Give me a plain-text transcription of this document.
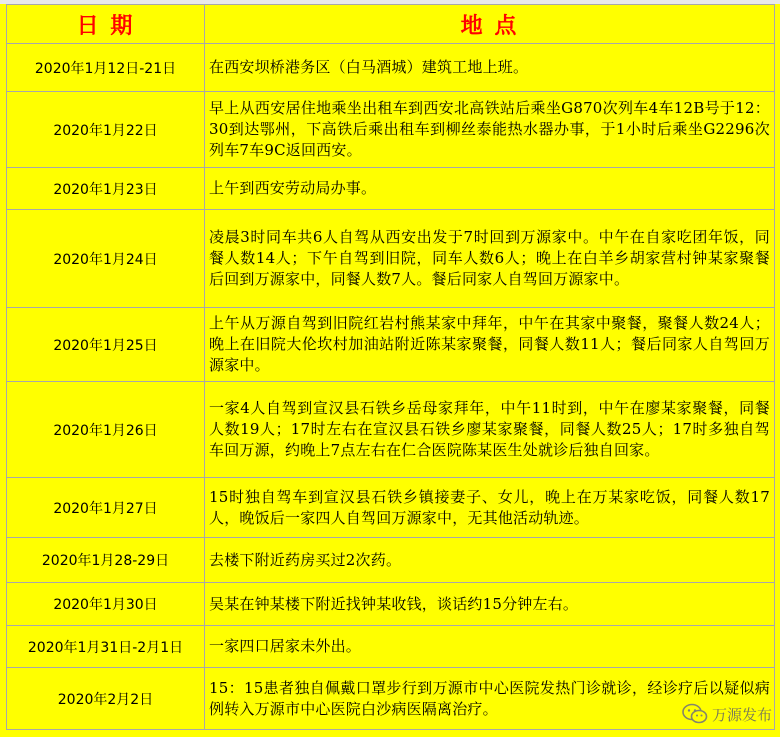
日 期	地 点
2020年1月12日-21日	在西安坝桥港务区（白马酒城）建筑工地上班。
2020年1月22日	早上从西安居住地乘坐出租车到西安北高铁站后乘坐G870次列车4车12B号于12：30到达鄂州，下高铁后乘出租车到柳丝泰能热水器办事，于1小时后乘坐G2296次列车7车9C返回西安。
2020年1月23日	上午到西安劳动局办事。
2020年1月24日	凌晨3时同车共6人自驾从西安出发于7时回到万源家中。中午在自家吃团年饭，同餐人数14人；下午自驾到旧院，同车人数6人；晚上在白羊乡胡家营村钟某家聚餐后回到万源家中，同餐人数7人。餐后同家人自驾回万源家中。
2020年1月25日	上午从万源自驾到旧院红岩村熊某家中拜年，中午在其家中聚餐，聚餐人数24人；晚上在旧院大伦坎村加油站附近陈某家聚餐，同餐人数11人；餐后同家人自驾回万源家中。
2020年1月26日	一家4人自驾到宣汉县石铁乡岳母家拜年，中午11时到，中午在廖某家聚餐，同餐人数19人；17时左右在宣汉县石铁乡廖某家聚餐，同餐人数25人；17时多独自驾车回万源，约晚上7点左右在仁合医院陈某医生处就诊后独自回家。
2020年1月27日	15时独自驾车到宣汉县石铁乡镇接妻子、女儿，晚上在万某家吃饭，同餐人数17人，晚饭后一家四人自驾回万源家中，无其他活动轨迹。
2020年1月28-29日	去楼下附近药房买过2次药。
2020年1月30日	吴某在钟某楼下附近找钟某收钱，谈话约15分钟左右。
2020年1月31日-2月1日	一家四口居家未外出。
2020年2月2日	15：15患者独自佩戴口罩步行到万源市中心医院发热门诊就诊，经诊疗后以疑似病例转入万源市中心医院白沙病医隔离治疗。	万源发布
